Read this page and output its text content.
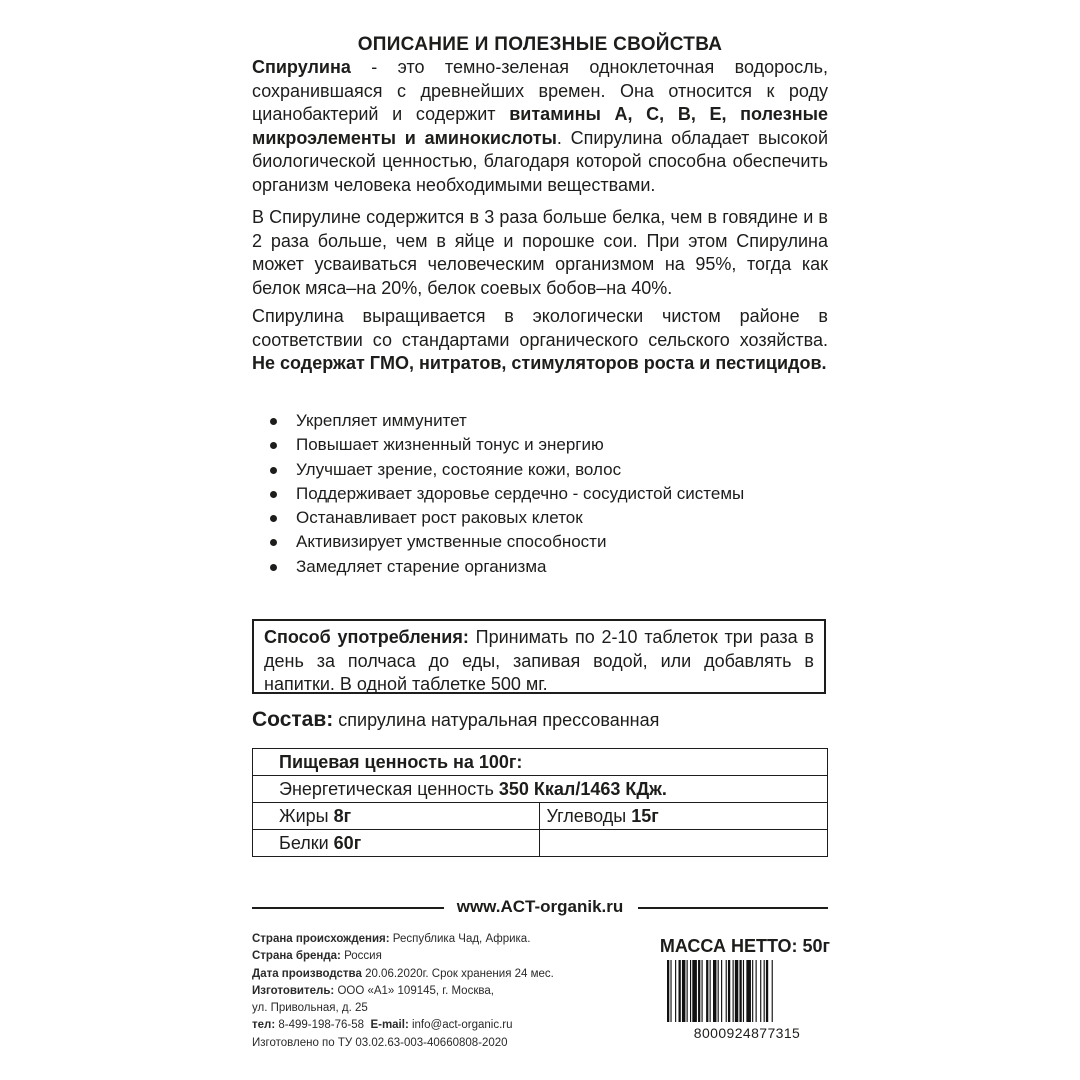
ОПИСАНИЕ И ПОЛЕЗНЫЕ СВОЙСТВА
Спирулина - это темно-зеленая одноклеточная водоросль, сохранившаяся с древнейших времен. Она относится к роду цианобактерий и содержит витамины А, С, В, Е, полезные микроэлементы и аминокислоты. Спирулина обладает высокой биологической ценностью, благодаря которой способна обеспечить организм человека необходимыми веществами.
В Спирулине содержится в 3 раза больше белка, чем в говядине и в 2 раза больше, чем в яйце и порошке сои. При этом Спирулина может усваиваться человеческим организмом на 95%, тогда как белок мяса–на 20%, белок соевых бобов–на 40%.
Спирулина выращивается в экологически чистом районе в соответствии со стандартами органического сельского хозяйства. Не содержат ГМО, нитратов, стимуляторов роста и пестицидов.
Укрепляет иммунитет
Повышает жизненный тонус и энергию
Улучшает зрение, состояние кожи, волос
Поддерживает здоровье сердечно - сосудистой системы
Останавливает рост раковых клеток
Активизирует умственные способности
Замедляет старение организма
Способ употребления: Принимать по 2-10 таблеток три раза в день за полчаса до еды, запивая водой, или добавлять в напитки. В одной таблетке 500 мг.
Состав: спирулина натуральная прессованная
Пищевая ценность на 100г:	
Энергетическая ценность 350 Ккал/1463 КДж.	
Жиры 8г	Углеводы 15г
Белки 60г	
www.ACT-organik.ru
Страна происхождения: Республика Чад, Африка.
Страна бренда: Россия
Дата производства 20.06.2020г. Срок хранения 24 мес.
Изготовитель: ООО «А1» 109145, г. Москва,
ул. Привольная, д. 25
тел: 8-499-198-76-58 E-mail: info@act-organic.ru
Изготовлено по ТУ 03.02.63-003-40660808-2020
МАССА НЕТТО: 50г
8000924877315
